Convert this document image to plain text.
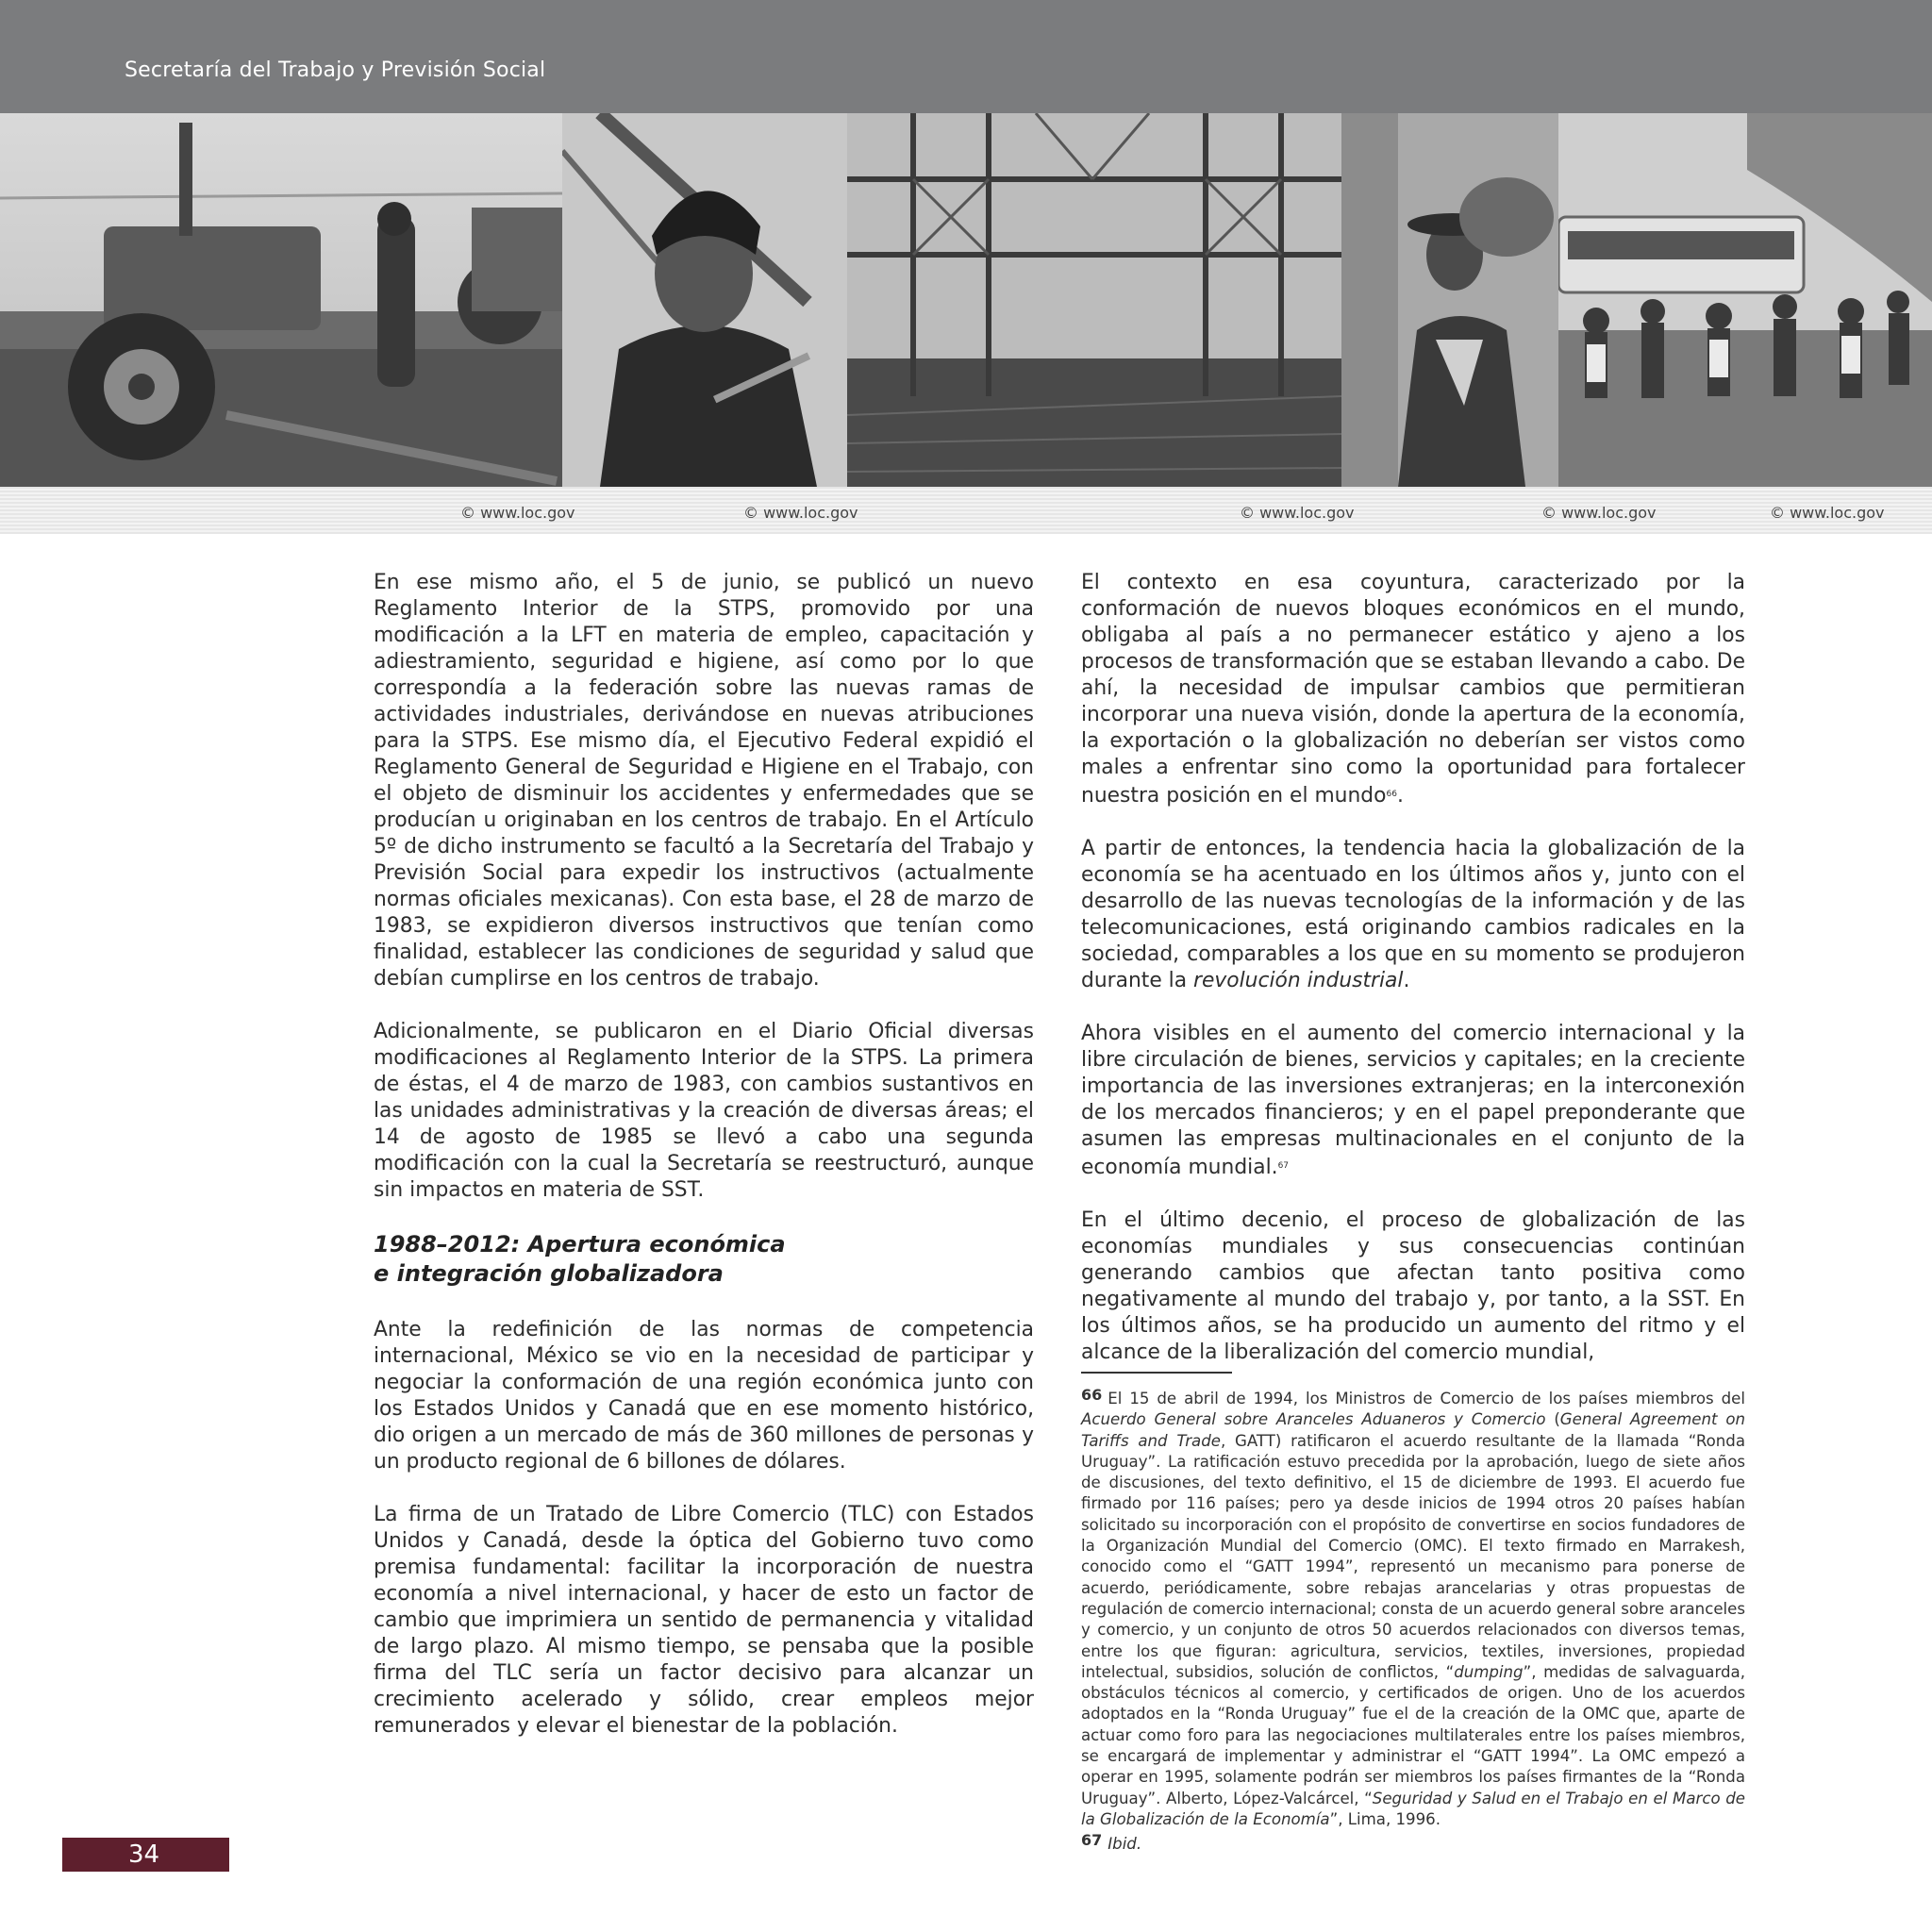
Secretaría del Trabajo y Previsión Social
© www.loc.gov	© www.loc.gov	© www.loc.gov	© www.loc.gov	© www.loc.gov

En ese mismo año, el 5 de junio, se publicó un nuevo Reglamento Interior de la STPS, promovido por una modificación a la LFT en materia de empleo, capacitación y adiestramiento, seguridad e higiene, así como por lo que correspondía a la federación sobre las nuevas ramas de actividades industriales, derivándose en nuevas atribuciones para la STPS. Ese mismo día, el Ejecutivo Federal expidió el Reglamento General de Seguridad e Higiene en el Trabajo, con el objeto de disminuir los accidentes y enfermedades que se producían u originaban en los centros de trabajo. En el Artículo 5º de dicho instrumento se facultó a la Secretaría del Trabajo y Previsión Social para expedir los instructivos (actualmente normas oficiales mexicanas). Con esta base, el 28 de marzo de 1983, se expidieron diversos instructivos que tenían como finalidad, establecer las condiciones de seguridad y salud que debían cumplirse en los centros de trabajo.

Adicionalmente, se publicaron en el Diario Oficial diversas modificaciones al Reglamento Interior de la STPS. La primera de éstas, el 4 de marzo de 1983, con cambios sustantivos en las unidades administrativas y la creación de diversas áreas; el 14 de agosto de 1985 se llevó a cabo una segunda modificación con la cual la Secretaría se reestructuró, aunque sin impactos en materia de SST.

1988–2012: Apertura económica
e integración globalizadora

Ante la redefinición de las normas de competencia internacional, México se vio en la necesidad de participar y negociar la conformación de una región económica junto con los Estados Unidos y Canadá que en ese momento histórico, dio origen a un mercado de más de 360 millones de personas y un producto regional de 6 billones de dólares.

La firma de un Tratado de Libre Comercio (TLC) con Estados Unidos y Canadá, desde la óptica del Gobierno tuvo como premisa fundamental: facilitar la incorporación de nuestra economía a nivel internacional, y hacer de esto un factor de cambio que imprimiera un sentido de permanencia y vitalidad de largo plazo. Al mismo tiempo, se pensaba que la posible firma del TLC sería un factor decisivo para alcanzar un crecimiento acelerado y sólido, crear empleos mejor remunerados y elevar el bienestar de la población.

El contexto en esa coyuntura, caracterizado por la conformación de nuevos bloques económicos en el mundo, obligaba al país a no permanecer estático y ajeno a los procesos de transformación que se estaban llevando a cabo. De ahí, la necesidad de impulsar cambios que permitieran incorporar una nueva visión, donde la apertura de la economía, la exportación o la globalización no deberían ser vistos como males a enfrentar sino como la oportunidad para fortalecer nuestra posición en el mundo$^{66}$.

A partir de entonces, la tendencia hacia la globalización de la economía se ha acentuado en los últimos años y, junto con el desarrollo de las nuevas tecnologías de la información y de las telecomunicaciones, está originando cambios radicales en la sociedad, comparables a los que en su momento se produjeron durante la revolución industrial.

Ahora visibles en el aumento del comercio internacional y la libre circulación de bienes, servicios y capitales; en la creciente importancia de las inversiones extranjeras; en la interconexión de los mercados financieros; y en el papel preponderante que asumen las empresas multinacionales en el conjunto de la economía mundial.$^{67}$

En el último decenio, el proceso de globalización de las economías mundiales y sus consecuencias continúan generando cambios que afectan tanto positiva como negativamente al mundo del trabajo y, por tanto, a la SST. En los últimos años, se ha producido un aumento del ritmo y el alcance de la liberalización del comercio mundial,

66 El 15 de abril de 1994, los Ministros de Comercio de los países miembros del Acuerdo General sobre Aranceles Aduaneros y Comercio (General Agreement on Tariffs and Trade, GATT) ratificaron el acuerdo resultante de la llamada “Ronda Uruguay”. La ratificación estuvo precedida por la aprobación, luego de siete años de discusiones, del texto definitivo, el 15 de diciembre de 1993. El acuerdo fue firmado por 116 países; pero ya desde inicios de 1994 otros 20 países habían solicitado su incorporación con el propósito de convertirse en socios fundadores de la Organización Mundial del Comercio (OMC). El texto firmado en Marrakesh, conocido como el “GATT 1994”, representó un mecanismo para ponerse de acuerdo, periódicamente, sobre rebajas arancelarias y otras propuestas de regulación de comercio internacional; consta de un acuerdo general sobre aranceles y comercio, y un conjunto de otros 50 acuerdos relacionados con diversos temas, entre los que figuran: agricultura, servicios, textiles, inversiones, propiedad intelectual, subsidios, solución de conflictos, “dumping”, medidas de salvaguarda, obstáculos técnicos al comercio, y certificados de origen. Uno de los acuerdos adoptados en la “Ronda Uruguay” fue el de la creación de la OMC que, aparte de actuar como foro para las negociaciones multilaterales entre los países miembros, se encargará de implementar y administrar el “GATT 1994”. La OMC empezó a operar en 1995, solamente podrán ser miembros los países firmantes de la “Ronda Uruguay”. Alberto, López-Valcárcel, “Seguridad y Salud en el Trabajo en el Marco de la Globalización de la Economía”, Lima, 1996.

67 Ibid.

34
